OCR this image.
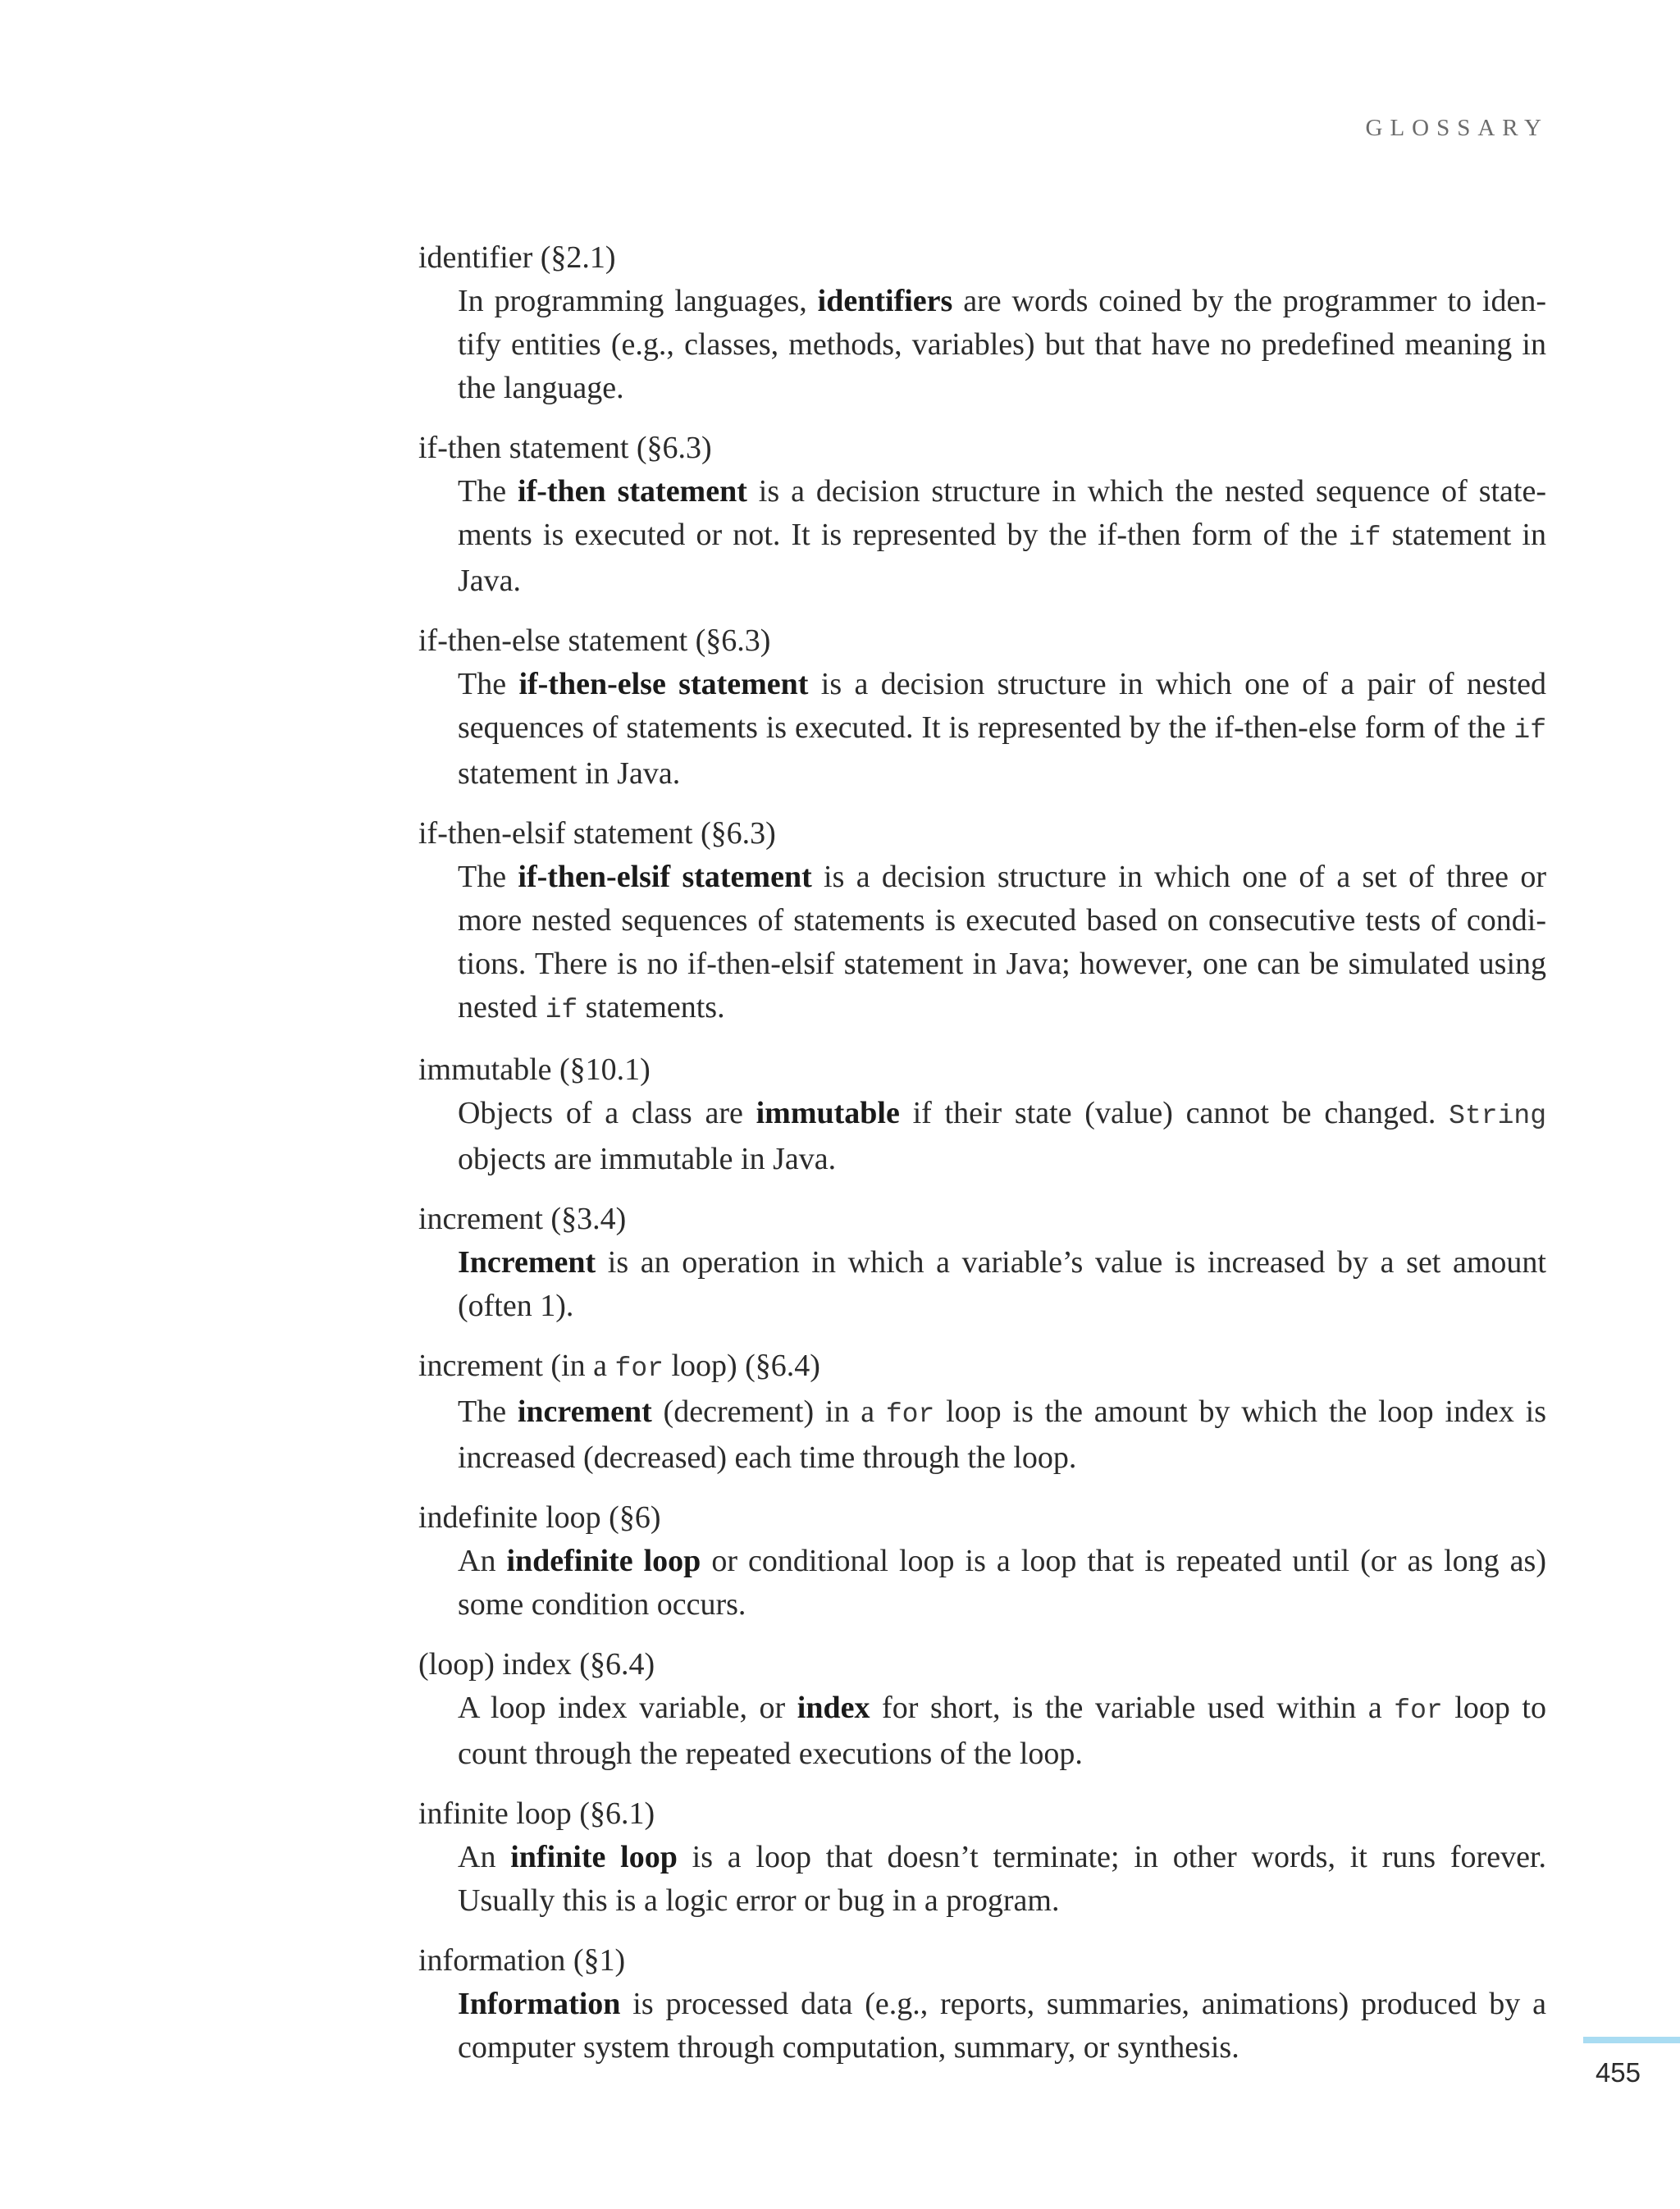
GLOSSARY
identifier (§2.1)
In programming languages, identifiers are words coined by the programmer to iden-tify entities (e.g., classes, methods, variables) but that have no predefined meaning in the language.
if-then statement (§6.3)
The if-then statement is a decision structure in which the nested sequence of state-ments is executed or not. It is represented by the if-then form of the if statement in Java.
if-then-else statement (§6.3)
The if-then-else statement is a decision structure in which one of a pair of nested sequences of statements is executed. It is represented by the if-then-else form of the if statement in Java.
if-then-elsif statement (§6.3)
The if-then-elsif statement is a decision structure in which one of a set of three or more nested sequences of statements is executed based on consecutive tests of condi-tions. There is no if-then-elsif statement in Java; however, one can be simulated using nested if statements.
immutable (§10.1)
Objects of a class are immutable if their state (value) cannot be changed. String objects are immutable in Java.
increment (§3.4)
Increment is an operation in which a variable’s value is increased by a set amount (often 1).
increment (in a for loop) (§6.4)
The increment (decrement) in a for loop is the amount by which the loop index is increased (decreased) each time through the loop.
indefinite loop (§6)
An indefinite loop or conditional loop is a loop that is repeated until (or as long as) some condition occurs.
(loop) index (§6.4)
A loop index variable, or index for short, is the variable used within a for loop to count through the repeated executions of the loop.
infinite loop (§6.1)
An infinite loop is a loop that doesn’t terminate; in other words, it runs forever. Usually this is a logic error or bug in a program.
information (§1)
Information is processed data (e.g., reports, summaries, animations) produced by a computer system through computation, summary, or synthesis.
455
